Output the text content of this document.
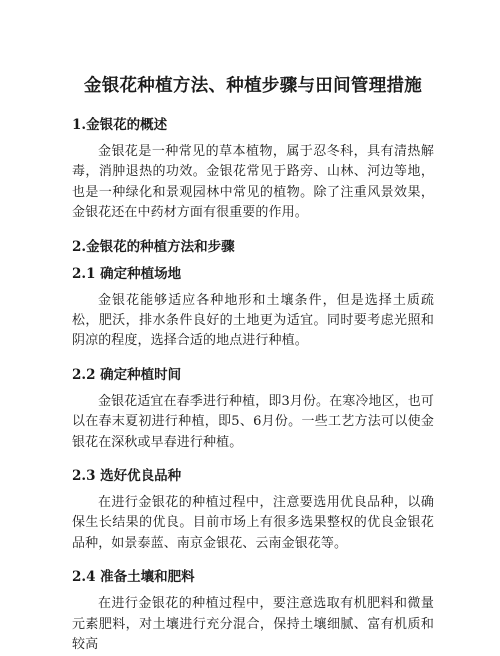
金银花种植方法、种植步骤与田间管理措施
1.金银花的概述

金银花是一种常见的草本植物，属于忍冬科，具有清热解毒，消肿退热的功效。金银花常见于路旁、山林、河边等地，也是一种绿化和景观园林中常见的植物。除了注重风景效果，金银花还在中药材方面有很重要的作用。

2.金银花的种植方法和步骤
2.1 确定种植场地

金银花能够适应各种地形和土壤条件，但是选择土质疏松，肥沃，排水条件良好的土地更为适宜。同时要考虑光照和阴凉的程度，选择合适的地点进行种植。

2.2 确定种植时间

金银花适宜在春季进行种植，即3月份。在寒冷地区，也可以在春末夏初进行种植，即5、6月份。一些工艺方法可以使金银花在深秋或早春进行种植。

2.3 选好优良品种

在进行金银花的种植过程中，注意要选用优良品种，以确保生长结果的优良。目前市场上有很多选果整权的优良金银花品种，如景泰蓝、南京金银花、云南金银花等。

2.4 准备土壤和肥料

在进行金银花的种植过程中，要注意选取有机肥料和微量元素肥料，对土壤进行充分混合，保持土壤细腻、富有机质和较高
